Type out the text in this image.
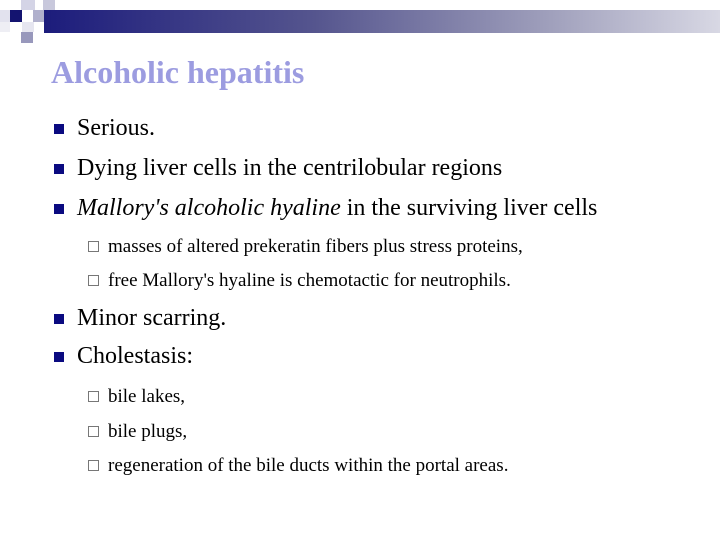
Alcoholic hepatitis
Serious.
Dying liver cells in the centrilobular regions
Mallory's alcoholic hyaline in the surviving liver cells
masses of altered prekeratin fibers plus stress proteins,
free Mallory's hyaline is chemotactic for neutrophils.
Minor scarring.
Cholestasis:
bile lakes,
bile plugs,
regeneration of the bile ducts within the portal areas.
